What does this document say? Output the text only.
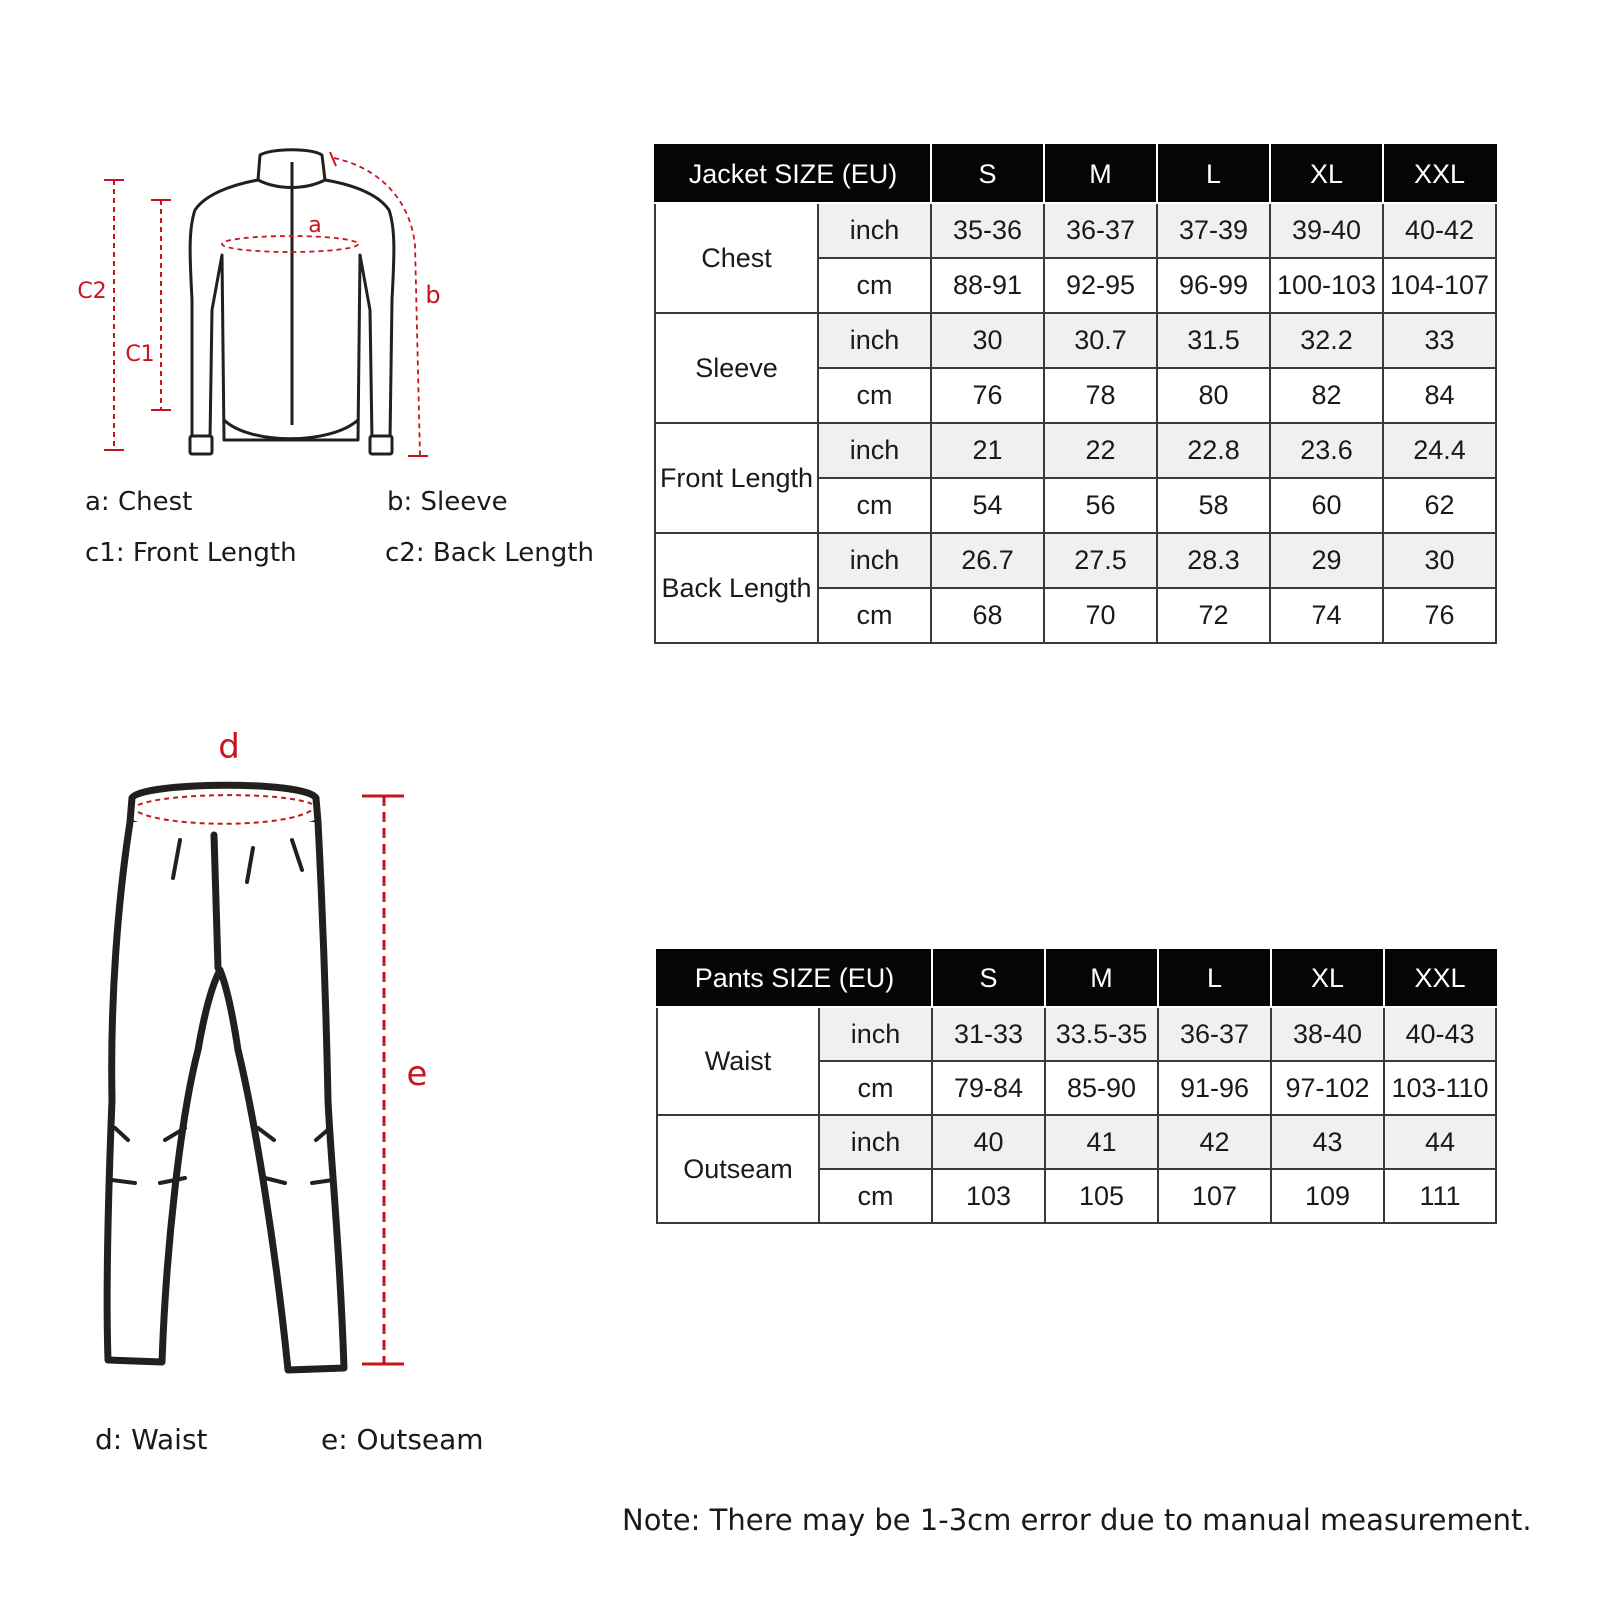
a
b
C2
C1
a: Chest	b: Sleeve
c1: Front Length	c2: Back Length
Jacket SIZE (EU)		S	M	L	XL	XXL
Chest	inch	35-36	36-37	37-39	39-40	40-42
	cm	88-91	92-95	96-99	100-103	104-107
Sleeve	inch	30	30.7	31.5	32.2	33
	cm	76	78	80	82	84
Front Length	inch	21	22	22.8	23.6	24.4
	cm	54	56	58	60	62
Back Length	inch	26.7	27.5	28.3	29	30
	cm	68	70	72	74	76
d
e
d: Waist	e: Outseam
Pants SIZE (EU)		S	M	L	XL	XXL
Waist	inch	31-33	33.5-35	36-37	38-40	40-43
	cm	79-84	85-90	91-96	97-102	103-110
Outseam	inch	40	41	42	43	44
	cm	103	105	107	109	111
Note: There may be 1-3cm error due to manual measurement.
